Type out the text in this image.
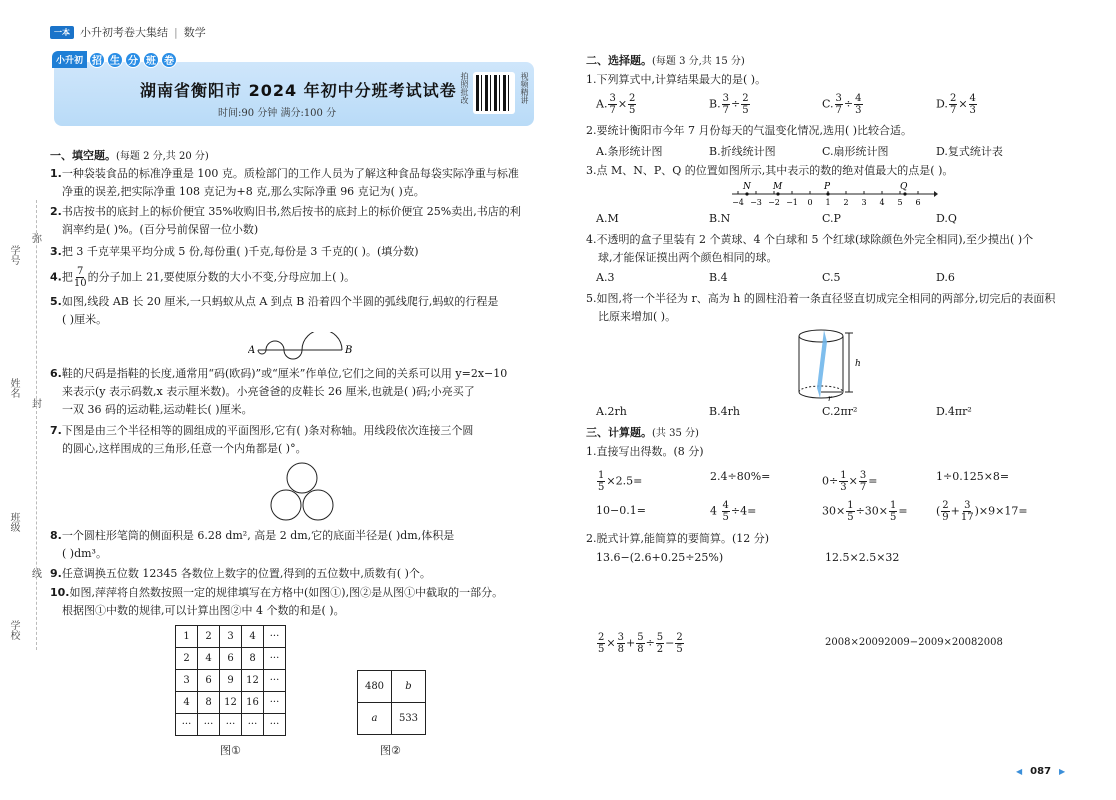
一本 小升初考卷大集结 | 数学
小升初 招 生 分 班 卷
湖南省衡阳市 2024 年初中分班考试试卷
时间:90 分钟 满分:100 分
拍照批改	视频精讲
学号
姓名
班级
学校
弥
封
线
一、填空题。(每题 2 分,共 20 分)
1.一种袋装食品的标准净重是 100 克。质检部门的工作人员为了解这种食品每袋实际净重与标准
净重的误差,把实际净重 108 克记为+8 克,那么实际净重 96 克记为( )克。
2.书店按书的底封上的标价便宜 35%收购旧书,然后按书的底封上的标价便宜 25%卖出,书店的利
润率约是( )%。(百分号前保留一位小数)
3.把 3 千克苹果平均分成 5 份,每份重( )千克,每份是 3 千克的( )。(填分数)
4.把 $\frac{7}{10}$ 的分子加上 21,要使原分数的大小不变,分母应加上( )。
5.如图,线段 AB 长 20 厘米,一只蚂蚁从点 A 到点 B 沿着四个半圆的弧线爬行,蚂蚁的行程是
( )厘米。
A	B
6.鞋的尺码是指鞋的长度,通常用“码(欧码)”或“厘米”作单位,它们之间的关系可以用 y=2x−10
来表示(y 表示码数,x 表示厘米数)。小亮爸爸的皮鞋长 26 厘米,也就是( )码;小亮买了
一双 36 码的运动鞋,运动鞋长( )厘米。
7.下图是由三个半径相等的圆组成的平面图形,它有( )条对称轴。用线段依次连接三个圆
的圆心,这样围成的三角形,任意一个内角都是( )°。
8.一个圆柱形笔筒的侧面积是 6.28 dm², 高是 2 dm,它的底面半径是( )dm,体积是
( )dm³。
9.任意调换五位数 12345 各数位上数字的位置,得到的五位数中,质数有( )个。
10.如图,萍萍将自然数按照一定的规律填写在方格中(如图①),图②是从图①中截取的一部分。
根据图①中数的规律,可以计算出图②中 4 个数的和是( )。
1	2	3	4	···
2	4	6	8	···
3	6	9	12	···
4	8	12	16	···
···	···	···	···	···
图①
480	b
a	533
图②
二、选择题。(每题 3 分,共 15 分)
1.下列算式中,计算结果最大的是( )。
A. $\frac{3}{7} \times \frac{2}{5}$	B. $\frac{3}{7} \div \frac{2}{5}$	C. $\frac{3}{7} \div \frac{4}{3}$	D. $\frac{2}{7} \times \frac{4}{3}$
2.要统计衡阳市今年 7 月份每天的气温变化情况,选用( )比较合适。
A.条形统计图	B.折线统计图	C.扇形统计图	D.复式统计表
3.点 M、N、P、Q 的位置如图所示,其中表示的数的绝对值最大的点是( )。
N M	P	Q
−4 −3 −2 −1 0 1 2 3 4 5 6
A.M	B.N	C.P	D.Q
4.不透明的盒子里装有 2 个黄球、4 个白球和 5 个红球(球除颜色外完全相同),至少摸出( )个
球,才能保证摸出两个颜色相同的球。
A.3	B.4	C.5	D.6
5.如图,将一个半径为 r、高为 h 的圆柱沿着一条直径竖直切成完全相同的两部分,切完后的表面积
比原来增加( )。
r
h
A.2rh	B.4rh	C.2πr²	D.4πr²
三、计算题。(共 35 分)
1.直接写出得数。(8 分)
$\frac{1}{5} \times 2.5=$	2.4÷80%=	$0\div \frac{1}{3} \times \frac{3}{7}$ =	1÷0.125×8=
10−0.1=	$4 \frac{4}{5} \div 4=$	$30\times \frac{1}{5} \div 30\times \frac{1}{5}$ =	( $\frac{2}{9} + \frac{3}{17} )\times 9\times 17=$
2.脱式计算,能简算的要简算。(12 分)
13.6−(2.6+0.25÷25%)	12.5×2.5×32
$\frac{2}{5} \times \frac{3}{8} + \frac{5}{8} \div \frac{5}{2} - \frac{2}{5}$	2008×20092009−2009×20082008
◀ 087 ▶
